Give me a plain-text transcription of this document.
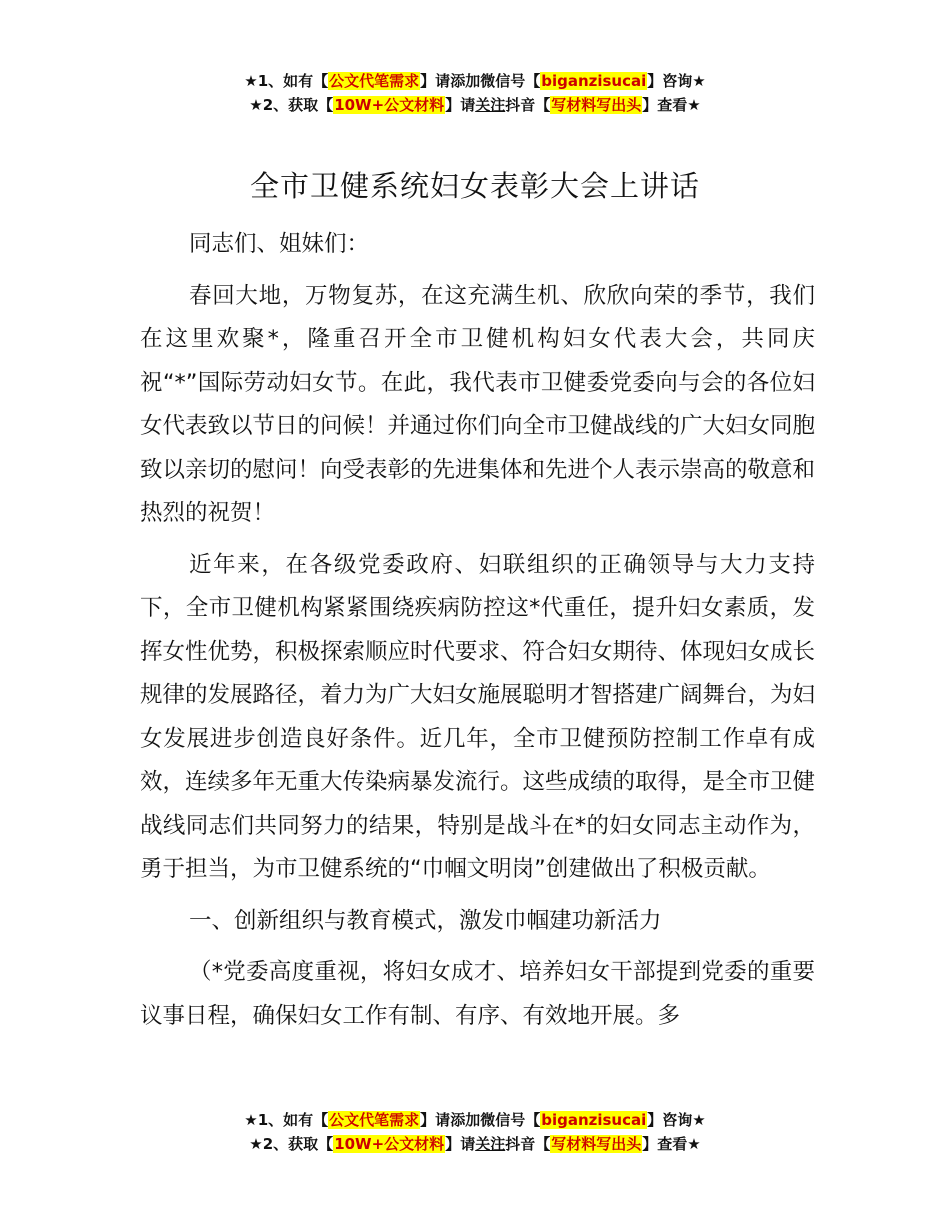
★1、如有【公文代笔需求】请添加微信号【biganzisucai】咨询★
★2、获取【10W+公文材料】请关注抖音【写材料写出头】查看★
全市卫健系统妇女表彰大会上讲话

同志们、姐妹们：

春回大地，万物复苏，在这充满生机、欣欣向荣的季节，我们在这里欢聚*，隆重召开全市卫健机构妇女代表大会，共同庆祝“*”国际劳动妇女节。在此，我代表市卫健委党委向与会的各位妇女代表致以节日的问候！并通过你们向全市卫健战线的广大妇女同胞致以亲切的慰问！向受表彰的先进集体和先进个人表示崇高的敬意和热烈的祝贺！

近年来，在各级党委政府、妇联组织的正确领导与大力支持下，全市卫健机构紧紧围绕疾病防控这*代重任，提升妇女素质，发挥女性优势，积极探索顺应时代要求、符合妇女期待、体现妇女成长规律的发展路径，着力为广大妇女施展聪明才智搭建广阔舞台，为妇女发展进步创造良好条件。近几年，全市卫健预防控制工作卓有成效，连续多年无重大传染病暴发流行。这些成绩的取得，是全市卫健战线同志们共同努力的结果，特别是战斗在*的妇女同志主动作为，勇于担当，为市卫健系统的“巾帼文明岗”创建做出了积极贡献。

一、创新组织与教育模式，激发巾帼建功新活力

（*党委高度重视，将妇女成才、培养妇女干部提到党委的重要议事日程，确保妇女工作有制、有序、有效地开展。多

★1、如有【公文代笔需求】请添加微信号【biganzisucai】咨询★
★2、获取【10W+公文材料】请关注抖音【写材料写出头】查看★
